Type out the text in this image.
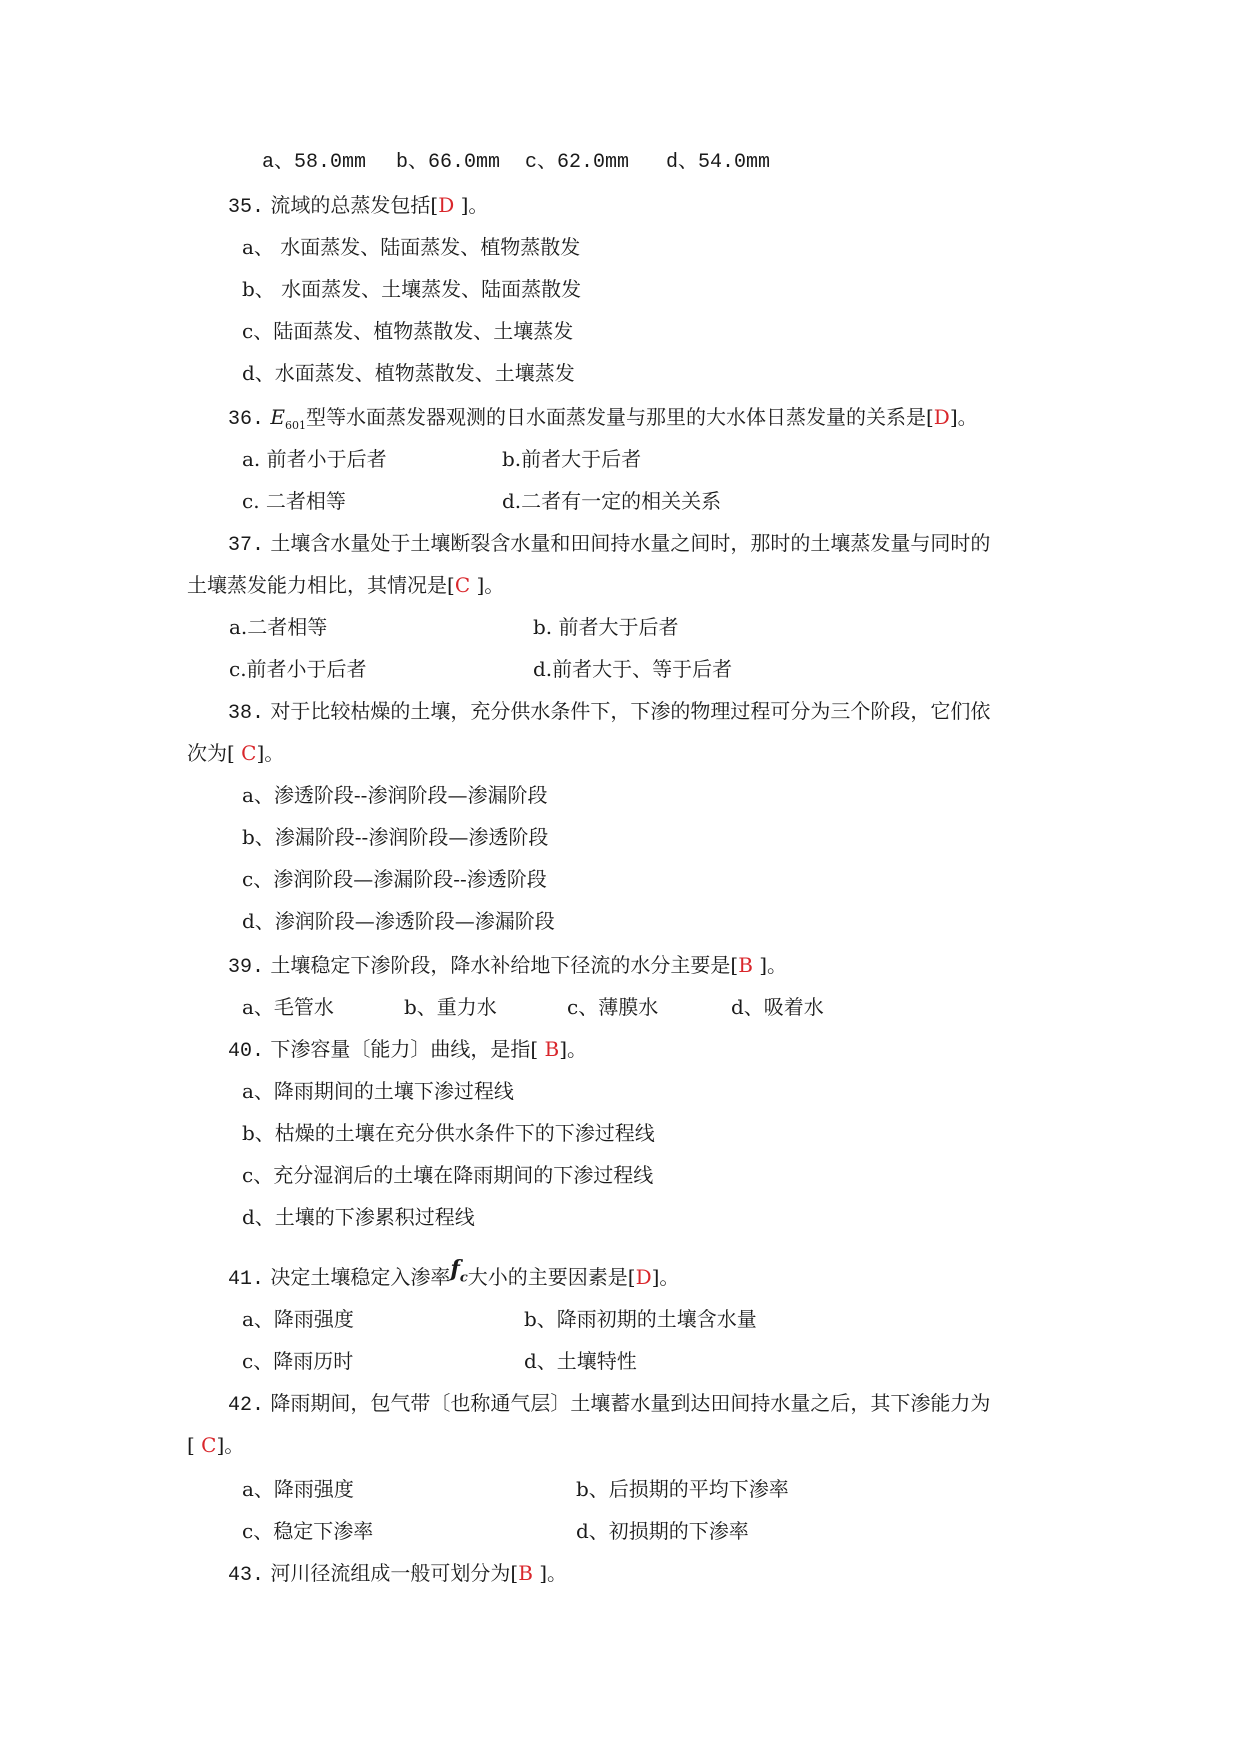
a、58.0mm b、66.0mm c、62.0mm d、54.0mm
35. 流域的总蒸发包括[D ]。
a、 水面蒸发、陆面蒸发、植物蒸散发
b、 水面蒸发、土壤蒸发、陆面蒸散发
c、陆面蒸发、植物蒸散发、土壤蒸发
d、水面蒸发、植物蒸散发、土壤蒸发
36. $E_{601}$型等水面蒸发器观测的日水面蒸发量与那里的大水体日蒸发量的关系是[D]。
a. 前者小于后者	b.前者大于后者
c. 二者相等	d.二者有一定的相关关系
37. 土壤含水量处于土壤断裂含水量和田间持水量之间时，那时的土壤蒸发量与同时的
土壤蒸发能力相比，其情况是[C ]。
a.二者相等	b. 前者大于后者
c.前者小于后者	d.前者大于、等于后者
38. 对于比较枯燥的土壤，充分供水条件下，下渗的物理过程可分为三个阶段，它们依
次为[ C]。
a、渗透阶段--渗润阶段—渗漏阶段
b、渗漏阶段--渗润阶段—渗透阶段
c、渗润阶段—渗漏阶段--渗透阶段
d、渗润阶段—渗透阶段—渗漏阶段
39. 土壤稳定下渗阶段，降水补给地下径流的水分主要是[B ]。
a、毛管水	b、重力水	c、薄膜水	d、吸着水
40. 下渗容量〔能力〕曲线，是指[ B]。
a、降雨期间的土壤下渗过程线
b、枯燥的土壤在充分供水条件下的下渗过程线
c、充分湿润后的土壤在降雨期间的下渗过程线
d、土壤的下渗累积过程线
41. 决定土壤稳定入渗率$f_c$大小的主要因素是[D]。
a、降雨强度	b、降雨初期的土壤含水量
c、降雨历时	d、土壤特性
42. 降雨期间，包气带〔也称通气层〕土壤蓄水量到达田间持水量之后，其下渗能力为
[ C]。
a、降雨强度	b、后损期的平均下渗率
c、稳定下渗率	d、初损期的下渗率
43. 河川径流组成一般可划分为[B ]。
